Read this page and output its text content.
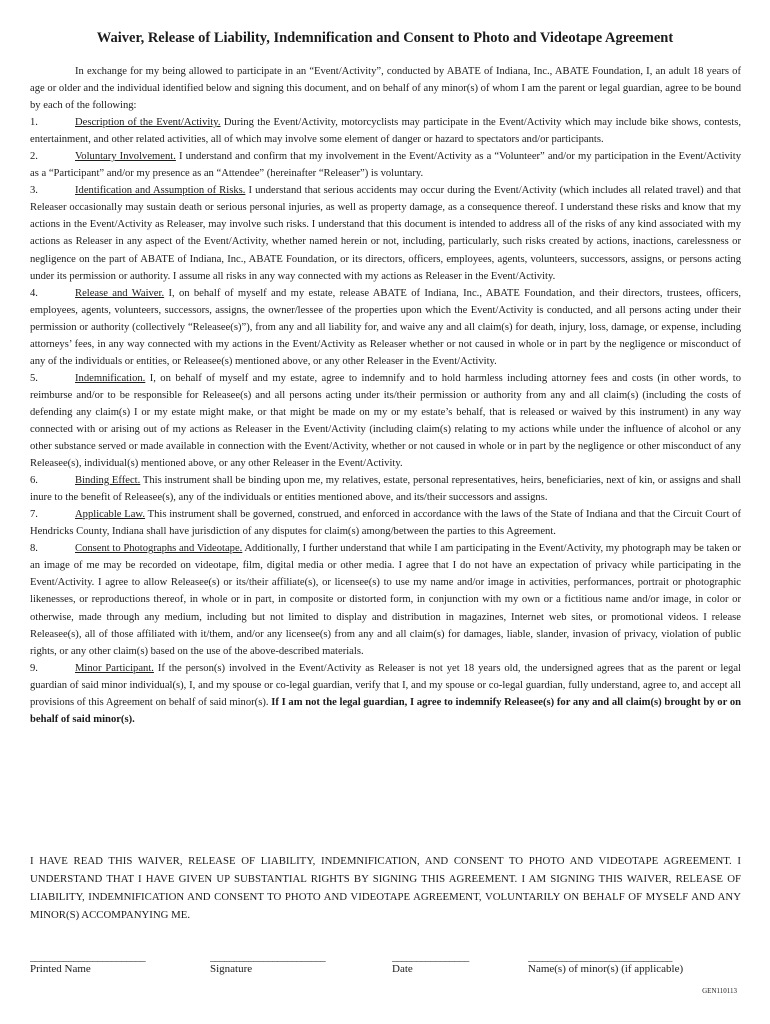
Waiver, Release of Liability, Indemnification and Consent to Photo and Videotape Agreement

In exchange for my being allowed to participate in an “Event/Activity”, conducted by ABATE of Indiana, Inc., ABATE Foundation, I, an adult 18 years of age or older and the individual identified below and signing this document, and on behalf of any minor(s) of whom I am the parent or legal guardian, agree to be bound by each of the following:

1.	Description of the Event/Activity. During the Event/Activity, motorcyclists may participate in the Event/Activity which may include bike shows, contests, entertainment, and other related activities, all of which may involve some element of danger or hazard to spectators and/or participants.

2.	Voluntary Involvement. I understand and confirm that my involvement in the Event/Activity as a “Volunteer” and/or my participation in the Event/Activity as a “Participant” and/or my presence as an “Attendee” (hereinafter “Releaser”) is voluntary.

3.	Identification and Assumption of Risks. I understand that serious accidents may occur during the Event/Activity (which includes all related travel) and that Releaser occasionally may sustain death or serious personal injuries, as well as property damage, as a consequence thereof. I understand these risks and know that my actions in the Event/Activity as Releaser, may involve such risks. I understand that this document is intended to address all of the risks of any kind associated with my actions as Releaser in any aspect of the Event/Activity, whether named herein or not, including, particularly, such risks created by actions, inactions, carelessness or negligence on the part of ABATE of Indiana, Inc., ABATE Foundation, or its directors, officers, employees, agents, volunteers, successors, assigns, or persons acting under its permission or authority. I assume all risks in any way connected with my actions as Releaser in the Event/Activity.

4.	Release and Waiver. I, on behalf of myself and my estate, release ABATE of Indiana, Inc., ABATE Foundation, and their directors, trustees, officers, employees, agents, volunteers, successors, assigns, the owner/lessee of the properties upon which the Event/Activity is conducted, and all persons acting under their permission or authority (collectively “Releasee(s)”), from any and all liability for, and waive any and all claim(s) for death, injury, loss, damage, or expense, including attorneys’ fees, in any way connected with my actions in the Event/Activity as Releaser whether or not caused in whole or in part by the negligence or misconduct of any of the individuals or entities, or Releasee(s) mentioned above, or any other Releaser in the Event/Activity.

5.	Indemnification. I, on behalf of myself and my estate, agree to indemnify and to hold harmless including attorney fees and costs (in other words, to reimburse and/or to be responsible for Releasee(s) and all persons acting under its/their permission or authority from any and all claim(s) (including the costs of defending any claim(s) I or my estate might make, or that might be made on my or my estate’s behalf, that is released or waived by this instrument) in any way connected with or arising out of my actions as Releaser in the Event/Activity (including claim(s) relating to my actions while under the influence of alcohol or any other substance served or made available in connection with the Event/Activity, whether or not caused in whole or in part by the negligence or other misconduct of any Releasee(s), individual(s) mentioned above, or any other Releaser in the Event/Activity.

6.	Binding Effect. This instrument shall be binding upon me, my relatives, estate, personal representatives, heirs, beneficiaries, next of kin, or assigns and shall inure to the benefit of Releasee(s), any of the individuals or entities mentioned above, and its/their successors and assigns.

7.	Applicable Law. This instrument shall be governed, construed, and enforced in accordance with the laws of the State of Indiana and that the Circuit Court of Hendricks County, Indiana shall have jurisdiction of any disputes for claim(s) among/between the parties to this Agreement.

8.	Consent to Photographs and Videotape. Additionally, I further understand that while I am participating in the Event/Activity, my photograph may be taken or an image of me may be recorded on videotape, film, digital media or other media. I agree that I do not have an expectation of privacy while participating in the Event/Activity. I agree to allow Releasee(s) or its/their affiliate(s), or licensee(s) to use my name and/or image in activities, performances, portrait or photographic likenesses, or reproductions thereof, in whole or in part, in composite or distorted form, in conjunction with my own or a fictitious name and/or image, in color or otherwise, made through any medium, including but not limited to display and distribution in magazines, Internet web sites, or promotional videos. I release Releasee(s), all of those affiliated with it/them, and/or any licensee(s) from any and all claim(s) for damages, liable, slander, invasion of privacy, violation of public rights, or any other claim(s) based on the use of the above-described materials.

9.	Minor Participant. If the person(s) involved in the Event/Activity as Releaser is not yet 18 years old, the undersigned agrees that as the parent or legal guardian of said minor individual(s), I, and my spouse or co-legal guardian, verify that I, and my spouse or co-legal guardian, fully understand, agree to, and accept all provisions of this Agreement on behalf of said minor(s). If I am not the legal guardian, I agree to indemnify Releasee(s) for any and all claim(s) brought by or on behalf of said minor(s).

I HAVE READ THIS WAIVER, RELEASE OF LIABILITY, INDEMNIFICATION, AND CONSENT TO PHOTO AND VIDEOTAPE AGREEMENT. I UNDERSTAND THAT I HAVE GIVEN UP SUBSTANTIAL RIGHTS BY SIGNING THIS AGREEMENT. I AM SIGNING THIS WAIVER, RELEASE OF LIABILITY, INDEMNIFICATION AND CONSENT TO PHOTO AND VIDEOTAPE AGREEMENT, VOLUNTARILY ON BEHALF OF MYSELF AND ANY MINOR(S) ACCOMPANYING ME.

________________________	________________________	________________	______________________________
Printed Name	Signature	Date	Name(s) of minor(s) (if applicable)
GEN110113
